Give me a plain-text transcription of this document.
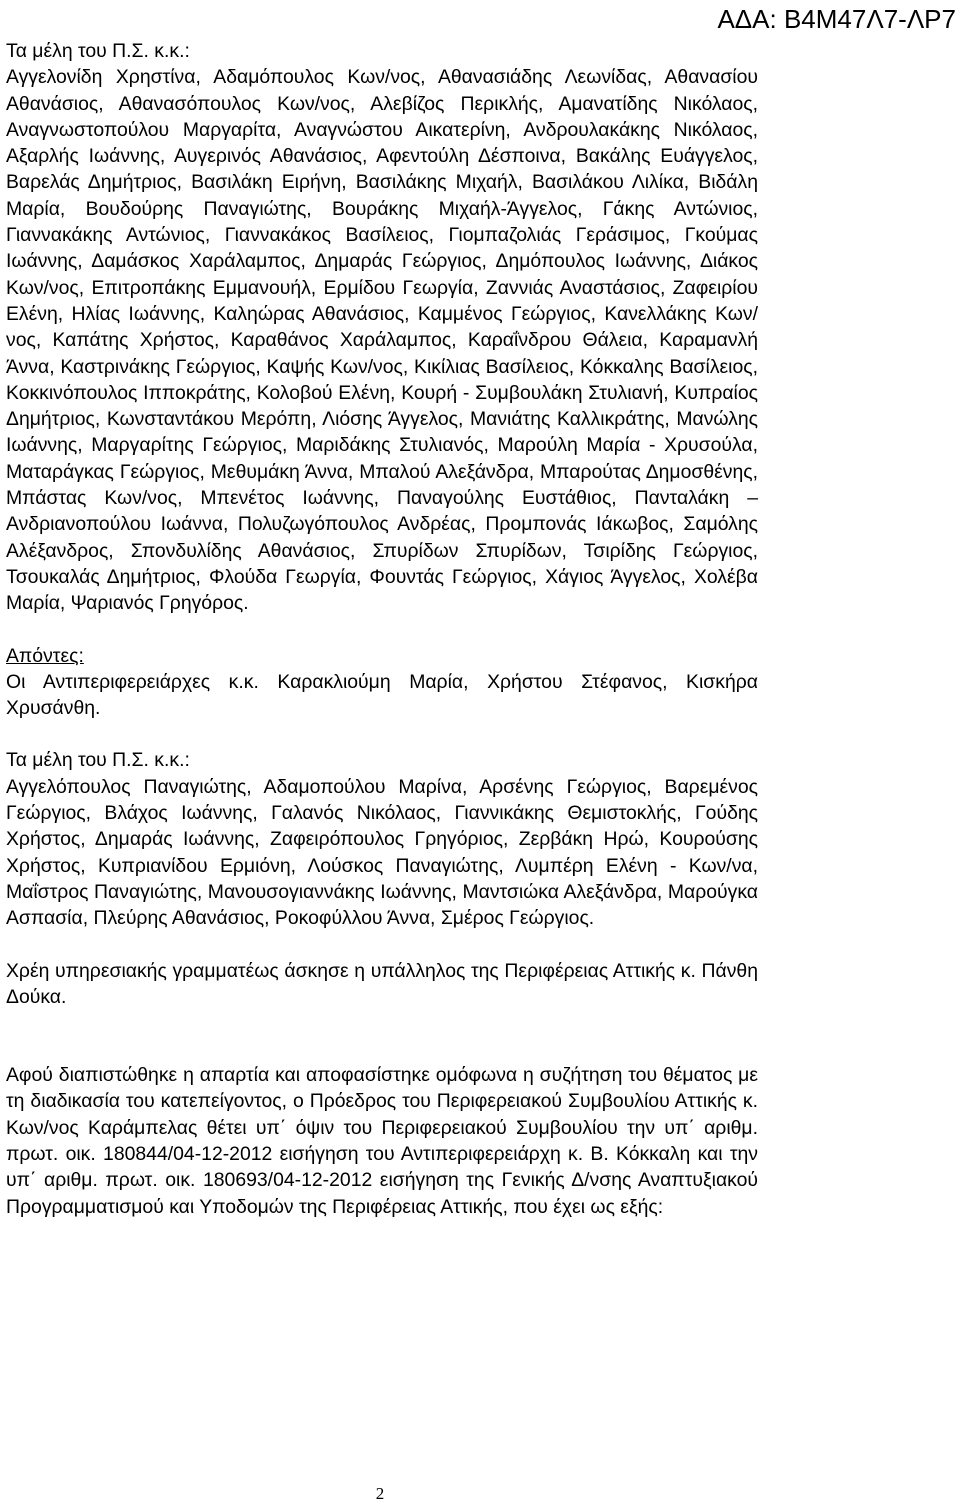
ΑΔΑ: Β4Μ47Λ7-ΛΡ7

Τα μέλη του Π.Σ. κ.κ.:

Αγγελονίδη Χρηστίνα, Αδαμόπουλος Κων/νος, Αθανασιάδης Λεωνίδας, Αθανασίου Αθανάσιος, Αθανασόπουλος Κων/νος, Αλεβίζος Περικλής, Αμανατίδης Νικόλαος, Αναγνωστοπούλου Μαργαρίτα, Αναγνώστου Αικατερίνη, Ανδρουλακάκης Νικόλαος, Αξαρλής Ιωάννης, Αυγερινός Αθανάσιος, Αφεντούλη Δέσποινα, Βακάλης Ευάγγελος, Βαρελάς Δημήτριος, Βασιλάκη Ειρήνη, Βασιλάκης Μιχαήλ, Βασιλάκου Λιλίκα, Βιδάλη Μαρία, Βουδούρης Παναγιώτης, Βουράκης Μιχαήλ-Άγγελος, Γάκης Αντώνιος, Γιαννακάκης Αντώνιος, Γιαννακάκος Βασίλειος, Γιομπαζολιάς Γεράσιμος, Γκούμας Ιωάννης, Δαμάσκος Χαράλαμπος, Δημαράς Γεώργιος, Δημόπουλος Ιωάννης, Διάκος Κων/νος, Επιτροπάκης Εμμανουήλ, Ερμίδου Γεωργία, Ζαννιάς Αναστάσιος, Ζαφειρίου Ελένη, Ηλίας Ιωάννης, Καληώρας Αθανάσιος, Καμμένος Γεώργιος, Κανελλάκης Κων/νος, Καπάτης Χρήστος, Καραθάνος Χαράλαμπος, Καραΐνδρου Θάλεια, Καραμανλή Άννα, Καστρινάκης Γεώργιος, Καψής Κων/νος, Κικίλιας Βασίλειος, Κόκκαλης Βασίλειος, Κοκκινόπουλος Ιπποκράτης, Κολοβού Ελένη, Κουρή - Συμβουλάκη Στυλιανή, Κυπραίος Δημήτριος, Κωνσταντάκου Μερόπη, Λιόσης Άγγελος, Μανιάτης Καλλικράτης, Μανώλης Ιωάννης, Μαργαρίτης Γεώργιος, Μαριδάκης Στυλιανός, Μαρούλη Μαρία - Χρυσούλα, Ματαράγκας Γεώργιος, Μεθυμάκη Άννα, Μπαλού Αλεξάνδρα, Μπαρούτας Δημοσθένης, Μπάστας Κων/νος, Μπενέτος Ιωάννης, Παναγούλης Ευστάθιος, Πανταλάκη – Ανδριανοπούλου Ιωάννα, Πολυζωγόπουλος Ανδρέας, Προμπονάς Ιάκωβος, Σαμόλης Αλέξανδρος, Σπονδυλίδης Αθανάσιος, Σπυρίδων Σπυρίδων, Τσιρίδης Γεώργιος, Τσουκαλάς Δημήτριος, Φλούδα Γεωργία, Φουντάς Γεώργιος, Χάγιος Άγγελος, Χολέβα Μαρία, Ψαριανός Γρηγόρος.

Απόντες:

Οι Αντιπεριφερειάρχες κ.κ. Καρακλιούμη Μαρία, Χρήστου Στέφανος, Κισκήρα Χρυσάνθη.

Τα μέλη του Π.Σ. κ.κ.:

Αγγελόπουλος Παναγιώτης, Αδαμοπούλου Μαρίνα, Αρσένης Γεώργιος, Βαρεμένος Γεώργιος, Βλάχος Ιωάννης, Γαλανός Νικόλαος, Γιαννικάκης Θεμιστοκλής, Γούδης Χρήστος, Δημαράς Ιωάννης, Ζαφειρόπουλος Γρηγόριος, Ζερβάκη Ηρώ, Κουρούσης Χρήστος, Κυπριανίδου Ερμιόνη, Λούσκος Παναγιώτης, Λυμπέρη Ελένη - Κων/να, Μαΐστρος Παναγιώτης, Μανουσογιαννάκης Ιωάννης, Μαντσιώκα Αλεξάνδρα, Μαρούγκα Ασπασία, Πλεύρης Αθανάσιος, Ροκοφύλλου Άννα, Σμέρος Γεώργιος.

Χρέη υπηρεσιακής γραμματέως άσκησε η υπάλληλος της Περιφέρειας Αττικής κ. Πάνθη Δούκα.

Αφού διαπιστώθηκε η απαρτία και αποφασίστηκε ομόφωνα η συζήτηση του θέματος με τη διαδικασία του κατεπείγοντος, ο Πρόεδρος του Περιφερειακού Συμβουλίου Αττικής κ. Κων/νος Καράμπελας θέτει υπ΄ όψιν του Περιφερειακού Συμβουλίου την υπ΄ αριθμ. πρωτ. οικ. 180844/04-12-2012 εισήγηση του Αντιπεριφερειάρχη κ. Β. Κόκκαλη και την υπ΄ αριθμ. πρωτ. οικ. 180693/04-12-2012 εισήγηση της Γενικής Δ/νσης Αναπτυξιακού Προγραμματισμού και Υποδομών της Περιφέρειας Αττικής, που έχει ως εξής:

2
